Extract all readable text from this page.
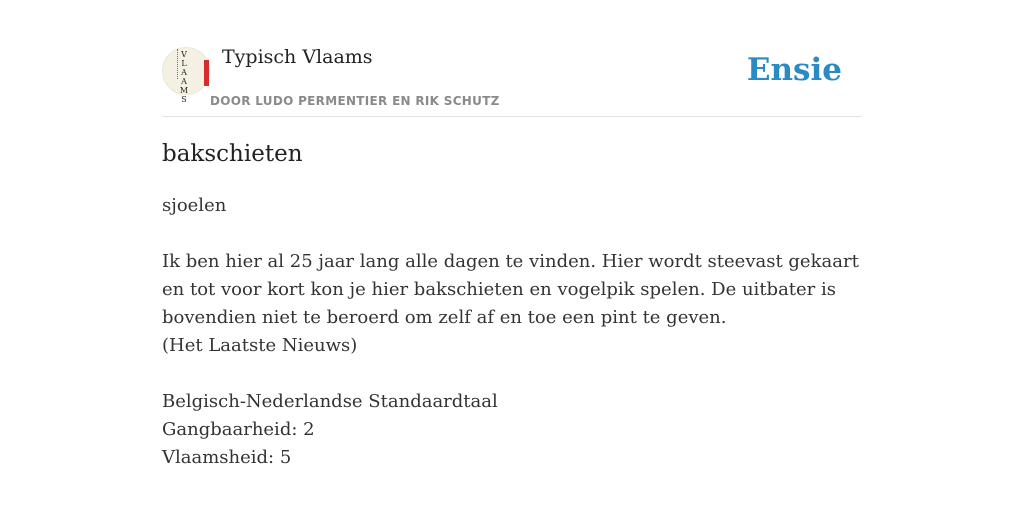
V
L
A
A
M
S
Typisch Vlaams
DOOR LUDO PERMENTIER EN RIK SCHUTZ
Ensie
bakschieten

sjoelen

Ik ben hier al 25 jaar lang alle dagen te vinden. Hier wordt steevast gekaart en tot voor kort kon je hier bakschieten en vogelpik spelen. De uitbater is bovendien niet te beroerd om zelf af en toe een pint te geven.

(Het Laatste Nieuws)

Belgisch-Nederlandse Standaardtaal

Gangbaarheid: 2

Vlaamsheid: 5
